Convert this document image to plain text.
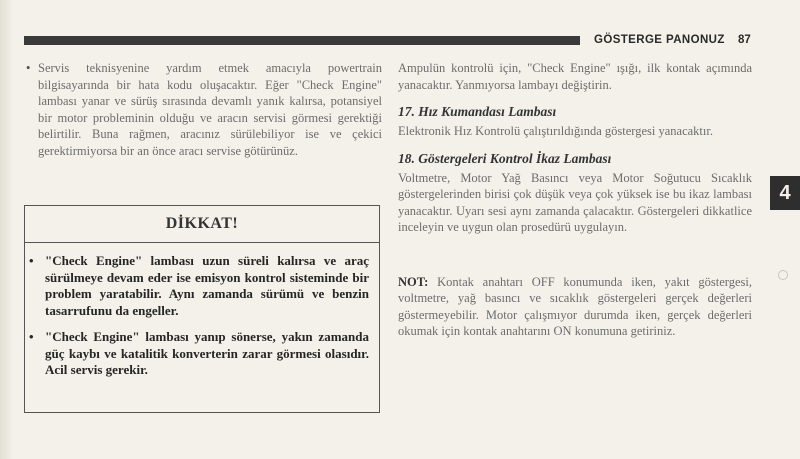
GÖSTERGE PANONUZ 87
• Servis teknisyenine yardım etmek amacıyla powertrain bilgisayarında bir hata kodu oluşacaktır. Eğer "Check Engine" lambası yanar ve sürüş sırasında devamlı yanık kalırsa, potansiyel bir motor probleminin olduğu ve aracın servisi görmesi gerektiği belirtilir. Buna rağmen, aracınız sürülebiliyor ise ve çekici gerektirmiyorsa bir an önce aracı servise götürünüz.
DİKKAT!
• "Check Engine" lambası uzun süreli kalırsa ve araç sürülmeye devam eder ise emisyon kontrol sisteminde bir problem yaratabilir. Aynı zamanda sürümü ve benzin tasarrufunu da engeller.
• "Check Engine" lambası yanıp sönerse, yakın zamanda güç kaybı ve katalitik konverterin zarar görmesi olasıdır. Acil servis gerekir.
Ampulün kontrolü için, "Check Engine" ışığı, ilk kontak açımında yanacaktır. Yanmıyorsa lambayı değiştirin.
17. Hız Kumandası Lambası
Elektronik Hız Kontrolü çalıştırıldığında göstergesi yanacaktır.
18. Göstergeleri Kontrol İkaz Lambası
Voltmetre, Motor Yağ Basıncı veya Motor Soğutucu Sıcaklık göstergelerinden birisi çok düşük veya çok yüksek ise bu ikaz lambası yanacaktır. Uyarı sesi aynı zamanda çalacaktır. Göstergeleri dikkatlice inceleyin ve uygun olan prosedürü uygulayın.
NOT: Kontak anahtarı OFF konumunda iken, yakıt göstergesi, voltmetre, yağ basıncı ve sıcaklık göstergeleri gerçek değerleri göstermeyebilir. Motor çalışmıyor durumda iken, gerçek değerleri okumak için kontak anahtarını ON konumuna getiriniz.
4
